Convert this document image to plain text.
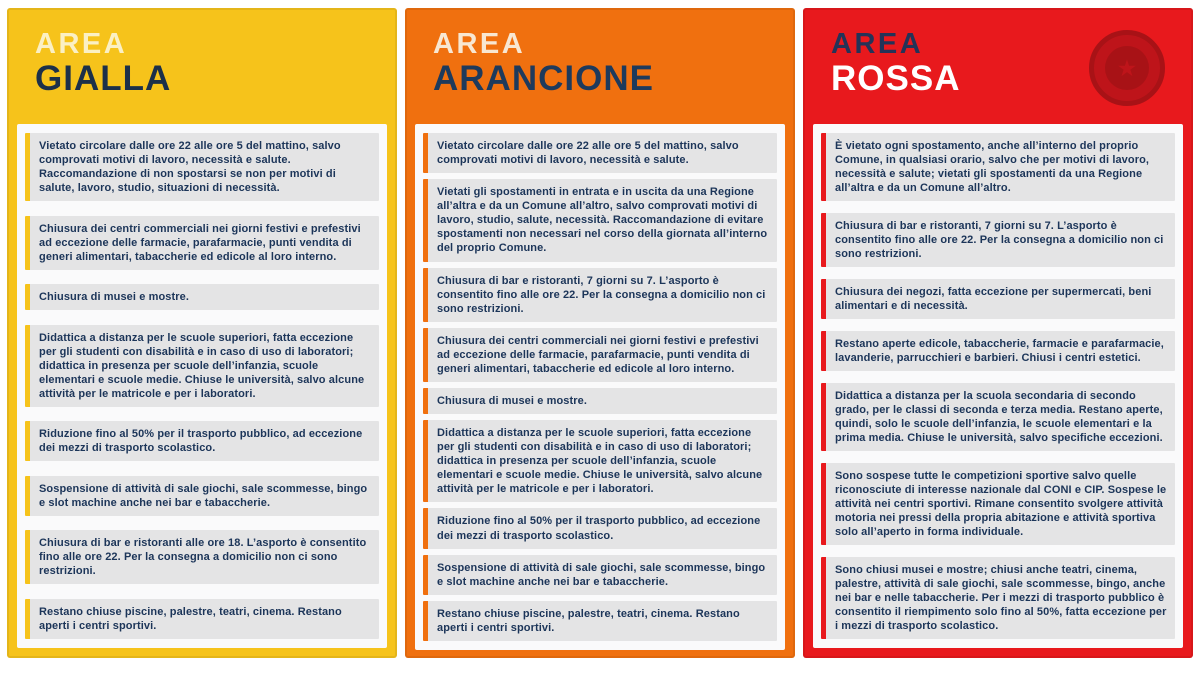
AREA
GIALLA
Vietato circolare dalle ore 22 alle ore 5 del mattino, salvo comprovati motivi di lavoro, necessità e salute. Raccomandazione di non spostarsi se non per motivi di salute, lavoro, studio, situazioni di necessità.
Chiusura dei centri commerciali nei giorni festivi e prefestivi ad eccezione delle farmacie, parafarmacie, punti vendita di generi alimentari, tabaccherie ed edicole al loro interno.
Chiusura di musei e mostre.
Didattica a distanza per le scuole superiori, fatta eccezione per gli studenti con disabilità e in caso di uso di laboratori; didattica in presenza per scuole dell’infanzia, scuole elementari e scuole medie. Chiuse le università, salvo alcune attività per le matricole e per i laboratori.
Riduzione fino al 50% per il trasporto pubblico, ad eccezione dei mezzi di trasporto scolastico.
Sospensione di attività di sale giochi, sale scommesse, bingo e slot machine anche nei bar e tabaccherie.
Chiusura di bar e ristoranti alle ore 18. L’asporto è consentito fino alle ore 22. Per la consegna a domicilio non ci sono restrizioni.
Restano chiuse piscine, palestre, teatri, cinema. Restano aperti i centri sportivi.
AREA
ARANCIONE
Vietato circolare dalle ore 22 alle ore 5 del mattino, salvo comprovati motivi di lavoro, necessità e salute.
Vietati gli spostamenti in entrata e in uscita da una Regione all’altra e da un Comune all’altro, salvo comprovati motivi di lavoro, studio, salute, necessità. Raccomandazione di evitare spostamenti non necessari nel corso della giornata all’interno del proprio Comune.
Chiusura di bar e ristoranti, 7 giorni su 7. L’asporto è consentito fino alle ore 22. Per la consegna a domicilio non ci sono restrizioni.
Chiusura dei centri commerciali nei giorni festivi e prefestivi ad eccezione delle farmacie, parafarmacie, punti vendita di generi alimentari, tabaccherie ed edicole al loro interno.
Chiusura di musei e mostre.
Didattica a distanza per le scuole superiori, fatta eccezione per gli studenti con disabilità e in caso di uso di laboratori; didattica in presenza per scuole dell’infanzia, scuole elementari e scuole medie. Chiuse le università, salvo alcune attività per le matricole e per i laboratori.
Riduzione fino al 50% per il trasporto pubblico, ad eccezione dei mezzi di trasporto scolastico.
Sospensione di attività di sale giochi, sale scommesse, bingo e slot machine anche nei bar e tabaccherie.
Restano chiuse piscine, palestre, teatri, cinema. Restano aperti i centri sportivi.
AREA
ROSSA	★
È vietato ogni spostamento, anche all’interno del proprio Comune, in qualsiasi orario, salvo che per motivi di lavoro, necessità e salute; vietati gli spostamenti da una Regione all’altra e da un Comune all’altro.
Chiusura di bar e ristoranti, 7 giorni su 7. L’asporto è consentito fino alle ore 22. Per la consegna a domicilio non ci sono restrizioni.
Chiusura dei negozi, fatta eccezione per supermercati, beni alimentari e di necessità.
Restano aperte edicole, tabaccherie, farmacie e parafarmacie, lavanderie, parrucchieri e barbieri. Chiusi i centri estetici.
Didattica a distanza per la scuola secondaria di secondo grado, per le classi di seconda e terza media. Restano aperte, quindi, solo le scuole dell’infanzia, le scuole elementari e la prima media. Chiuse le università, salvo specifiche eccezioni.
Sono sospese tutte le competizioni sportive salvo quelle riconosciute di interesse nazionale dal CONI e CIP. Sospese le attività nei centri sportivi. Rimane consentito svolgere attività motoria nei pressi della propria abitazione e attività sportiva solo all’aperto in forma individuale.
Sono chiusi musei e mostre; chiusi anche teatri, cinema, palestre, attività di sale giochi, sale scommesse, bingo, anche nei bar e nelle tabaccherie. Per i mezzi di trasporto pubblico è consentito il riempimento solo fino al 50%, fatta eccezione per i mezzi di trasporto scolastico.
